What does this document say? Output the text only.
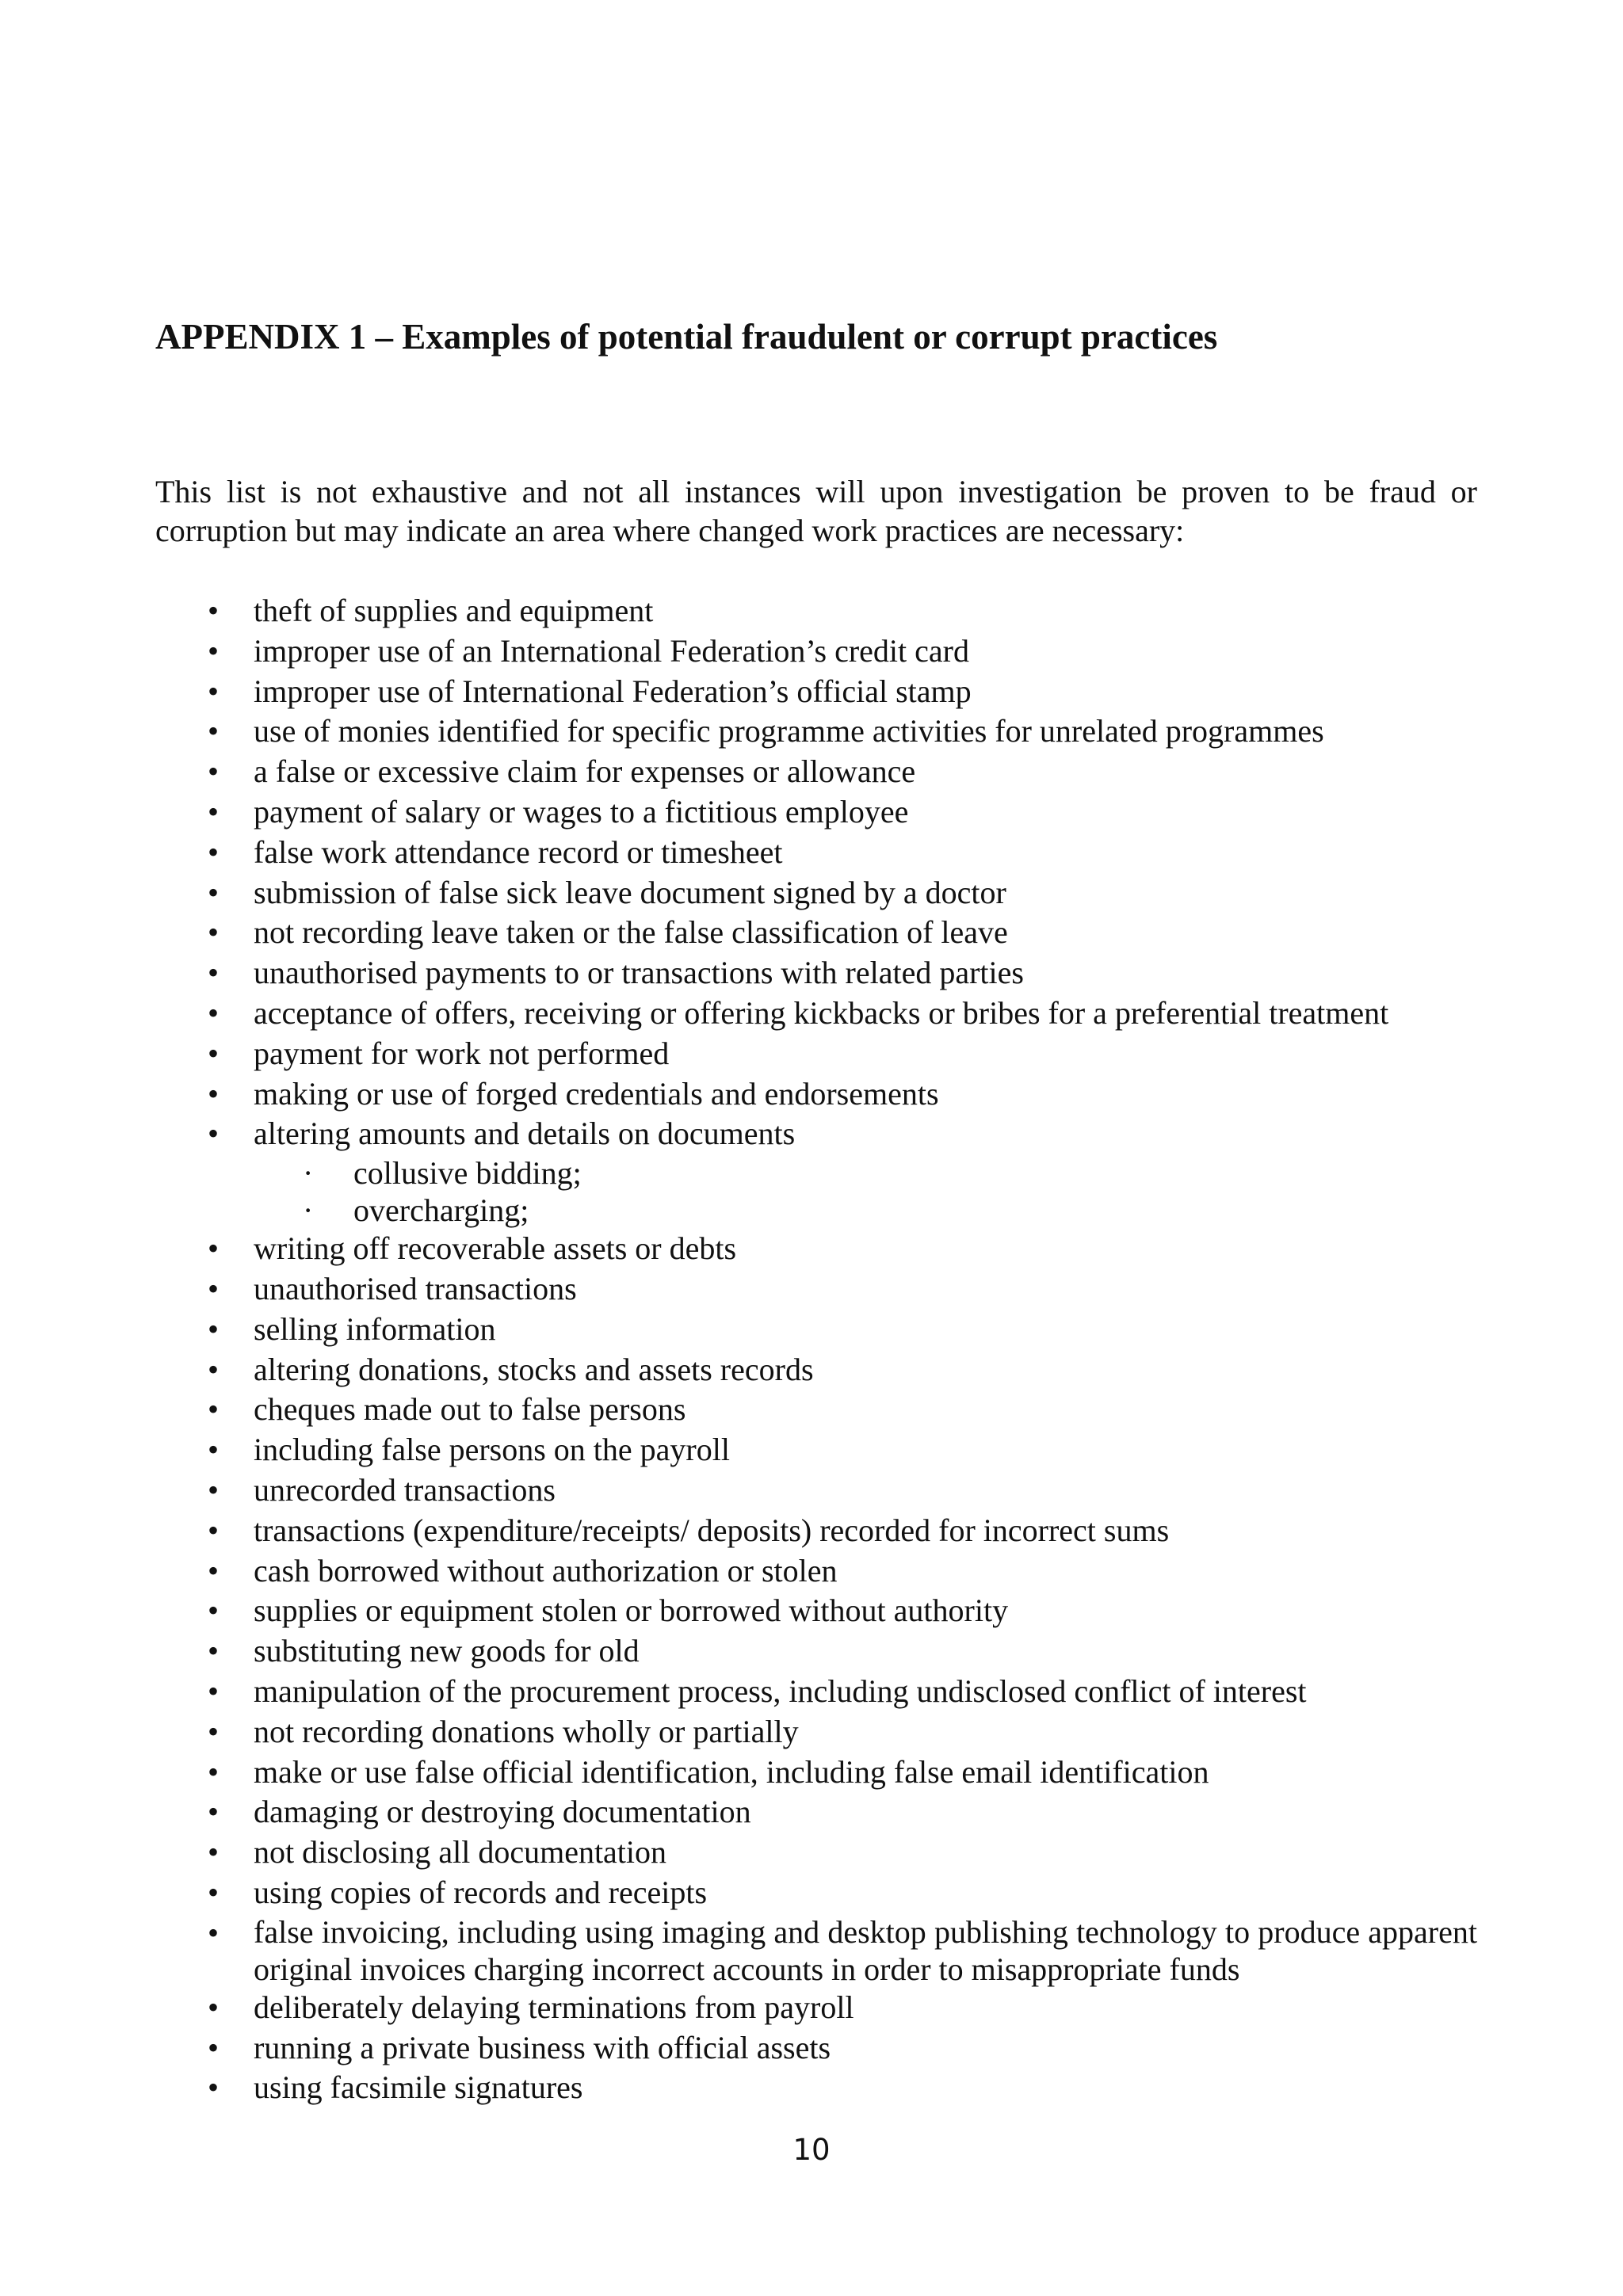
APPENDIX 1 – Examples of potential fraudulent or corrupt practices

This list is not exhaustive and not all instances will upon investigation be proven to be fraud or corruption but may indicate an area where changed work practices are necessary:

• theft of supplies and equipment
• improper use of an International Federation’s credit card
• improper use of International Federation’s official stamp
• use of monies identified for specific programme activities for unrelated programmes
• a false or excessive claim for expenses or allowance
• payment of salary or wages to a fictitious employee
• false work attendance record or timesheet
• submission of false sick leave document signed by a doctor
• not recording leave taken or the false classification of leave
• unauthorised payments to or transactions with related parties
• acceptance of offers, receiving or offering kickbacks or bribes for a preferential treatment
• payment for work not performed
• making or use of forged credentials and endorsements
• altering amounts and details on documents
· collusive bidding;
· overcharging;
• writing off recoverable assets or debts
• unauthorised transactions
• selling information
• altering donations, stocks and assets records
• cheques made out to false persons
• including false persons on the payroll
• unrecorded transactions
• transactions (expenditure/receipts/ deposits) recorded for incorrect sums
• cash borrowed without authorization or stolen
• supplies or equipment stolen or borrowed without authority
• substituting new goods for old
• manipulation of the procurement process, including undisclosed conflict of interest
• not recording donations wholly or partially
• make or use false official identification, including false email identification
• damaging or destroying documentation
• not disclosing all documentation
• using copies of records and receipts
• false invoicing, including using imaging and desktop publishing technology to produce apparent original invoices charging incorrect accounts in order to misappropriate funds
• deliberately delaying terminations from payroll
• running a private business with official assets
• using facsimile signatures

10
